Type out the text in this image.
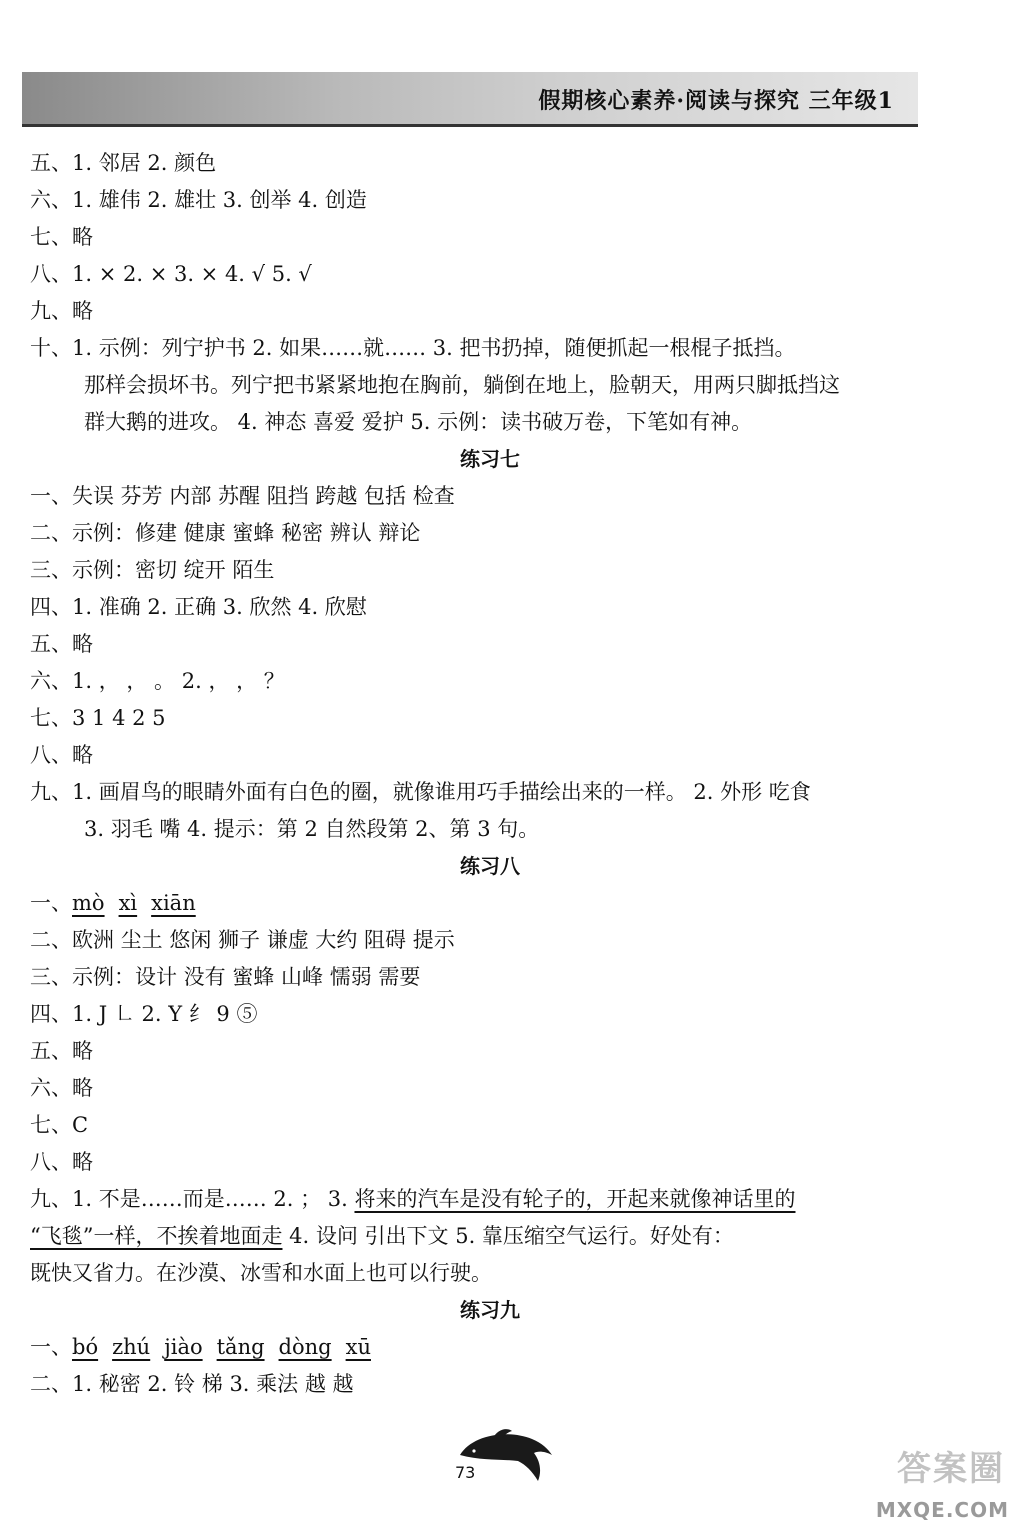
假期核心素养·阅读与探究 三年级1
五、1. 邻居 2. 颜色
六、1. 雄伟 2. 雄壮 3. 创举 4. 创造
七、略
八、1. × 2. × 3. × 4. √ 5. √
九、略
十、1. 示例：列宁护书 2. 如果……就…… 3. 把书扔掉，随便抓起一根棍子抵挡。
那样会损坏书。列宁把书紧紧地抱在胸前，躺倒在地上，脸朝天，用两只脚抵挡这
群大鹅的进攻。 4. 神态 喜爱 爱护 5. 示例：读书破万卷，下笔如有神。
练习七
一、失误 芬芳 内部 苏醒 阻挡 跨越 包括 检查
二、示例：修建 健康 蜜蜂 秘密 辨认 辩论
三、示例：密切 绽开 陌生
四、1. 准确 2. 正确 3. 欣然 4. 欣慰
五、略
六、1. ， ， 。 2. ， ， ？
七、3 1 4 2 5
八、略
九、1. 画眉鸟的眼睛外面有白色的圈，就像谁用巧手描绘出来的一样。 2. 外形 吃食
3. 羽毛 嘴 4. 提示：第 2 自然段第 2、第 3 句。
练习八
一、mò xì xiān
二、欧洲 尘土 悠闲 狮子 谦虚 大约 阻碍 提示
三、示例：设计 没有 蜜蜂 山峰 懦弱 需要
四、1. J ㇗ 2. Y 纟 9 ⑤
五、略
六、略
七、C
八、略
九、1. 不是……而是…… 2. ； 3. 将来的汽车是没有轮子的，开起来就像神话里的
“飞毯”一样，不挨着地面走 4. 设问 引出下文 5. 靠压缩空气运行。好处有：
既快又省力。在沙漠、冰雪和水面上也可以行驶。
练习九
一、bó zhú jiào tǎng dòng xū
二、1. 秘密 2. 铃 梯 3. 乘法 越 越
73	答案圈
MXQE.COM
